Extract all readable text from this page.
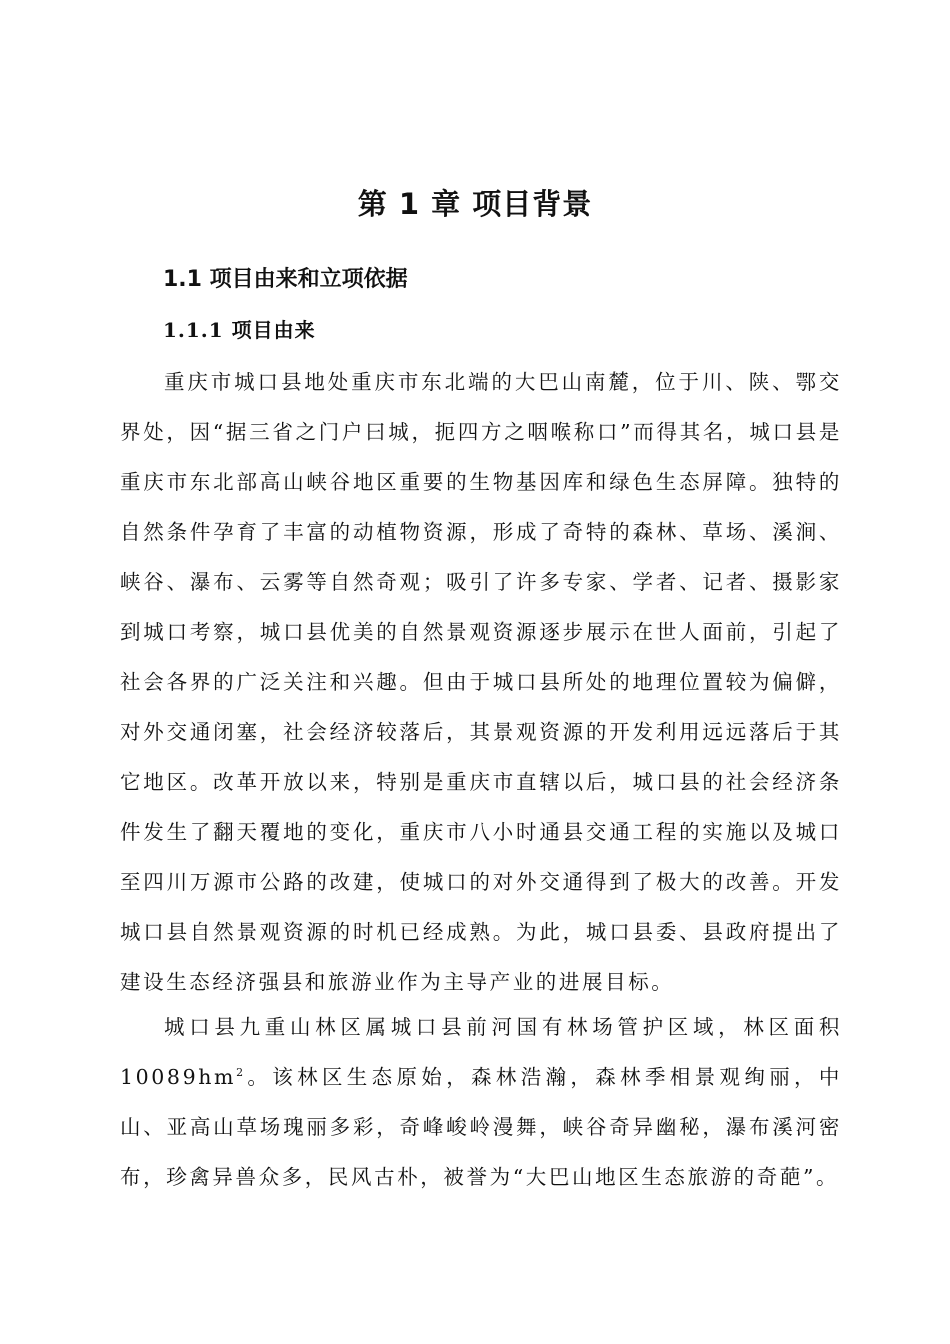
第 1 章 项目背景
1.1 项目由来和立项依据
1.1.1 项目由来

重庆市城口县地处重庆市东北端的大巴山南麓，位于川、陕、鄂交界处，因“据三省之门户曰城，扼四方之咽喉称口”而得其名，城口县是重庆市东北部高山峡谷地区重要的生物基因库和绿色生态屏障。独特的自然条件孕育了丰富的动植物资源，形成了奇特的森林、草场、溪涧、峡谷、瀑布、云雾等自然奇观；吸引了许多专家、学者、记者、摄影家到城口考察，城口县优美的自然景观资源逐步展示在世人面前，引起了社会各界的广泛关注和兴趣。但由于城口县所处的地理位置较为偏僻，对外交通闭塞，社会经济较落后，其景观资源的开发利用远远落后于其它地区。改革开放以来，特别是重庆市直辖以后，城口县的社会经济条件发生了翻天覆地的变化，重庆市八小时通县交通工程的实施以及城口至四川万源市公路的改建，使城口的对外交通得到了极大的改善。开发城口县自然景观资源的时机已经成熟。为此，城口县委、县政府提出了建设生态经济强县和旅游业作为主导产业的进展目标。

城口县九重山林区属城口县前河国有林场管护区域，林区面积$10089hm^2$。该林区生态原始，森林浩瀚，森林季相景观绚丽，中山、亚高山草场瑰丽多彩，奇峰峻岭漫舞，峡谷奇异幽秘，瀑布溪河密布，珍禽异兽众多，民风古朴，被誉为“大巴山地区生态旅游的奇葩”。
